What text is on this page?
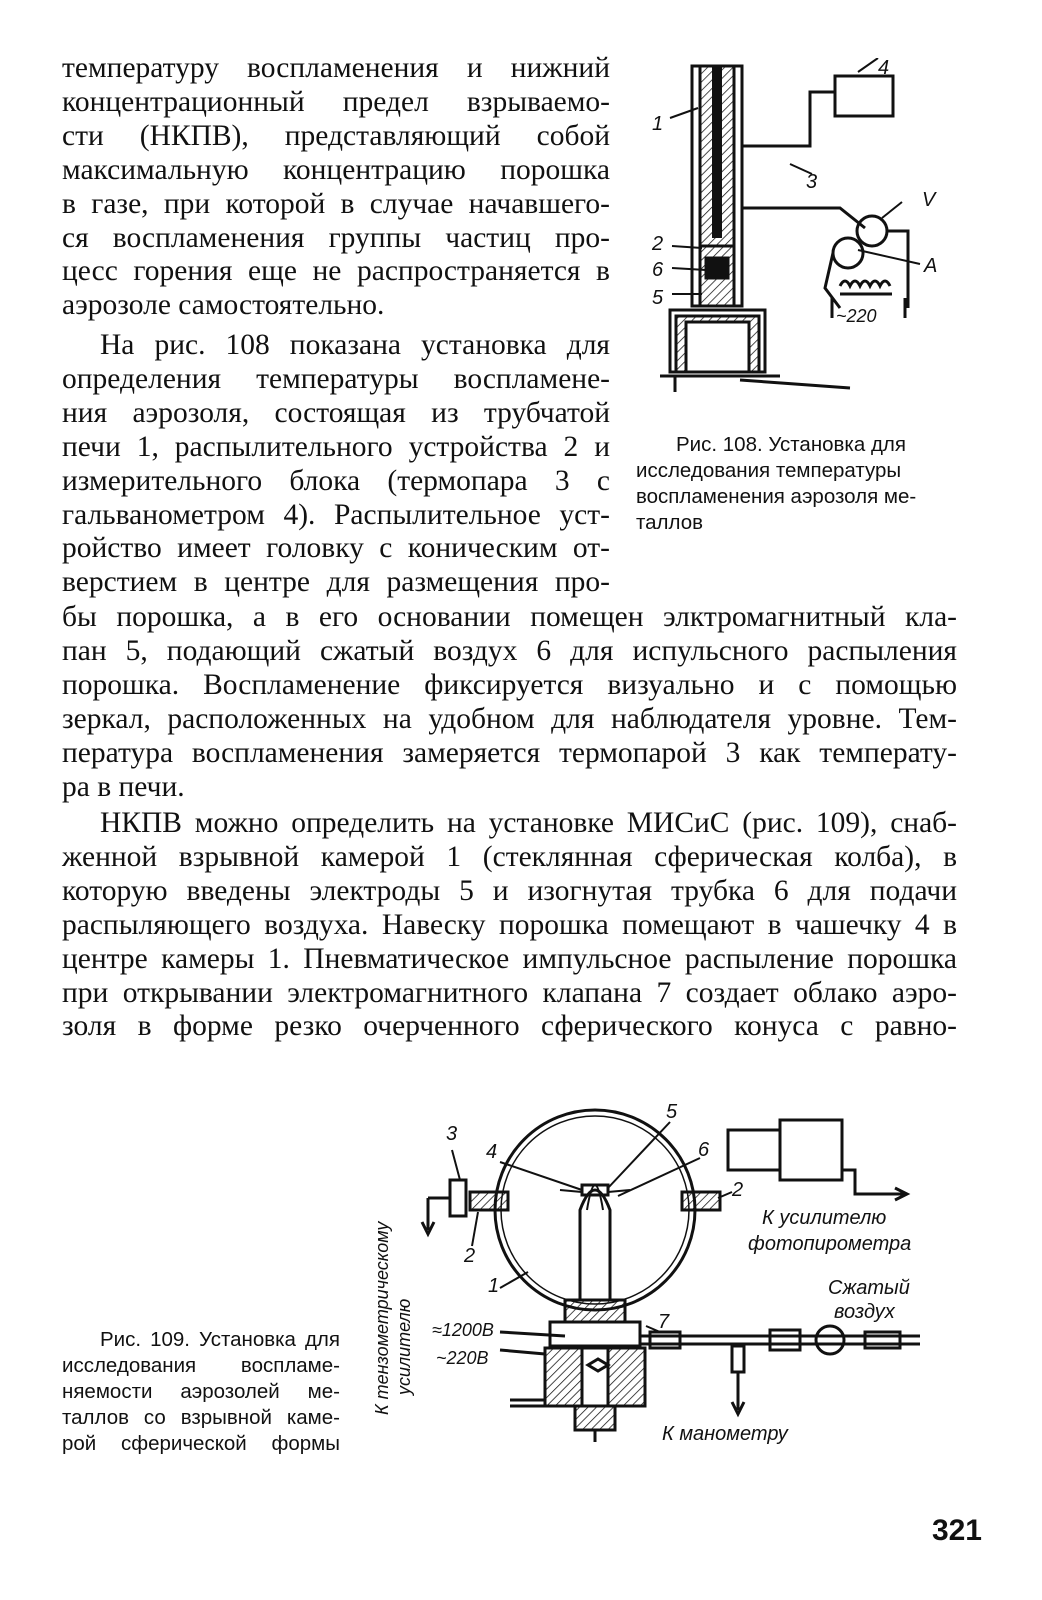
температуру воспламенения и нижний
концентрационный предел взрываемо-
сти (НКПВ), представляющий собой
максимальную концентрацию порошка
в газе, при которой в случае начавшего-
ся воспламенения группы частиц про-
цесс горения еще не распространяется в
аэрозоле самостоятельно.
На рис. 108 показана установка для
определения температуры воспламене-
ния аэрозоля, состоящая из трубчатой
печи 1, распылительного устройства 2 и
измерительного блока (термопара 3 с
гальванометром 4). Распылительное уст-
ройство имеет головку с коническим от-
верстием в центре для размещения про-
бы порошка, а в его основании помещен элктромагнитный кла-
пан 5, подающий сжатый воздух 6 для испульсного распыления
порошка. Воспламенение фиксируется визуально и с помощью
зеркал, расположенных на удобном для наблюдателя уровне. Тем-
пература воспламенения замеряется термопарой 3 как температу-
ра в печи.
НКПВ можно определить на установке МИСиС (рис. 109), снаб-
женной взрывной камерой 1 (стеклянная сферическая колба), в
которую введены электроды 5 и изогнутая трубка 6 для подачи
распыляющего воздуха. Навеску порошка помещают в чашечку 4 в
центре камеры 1. Пневматическое импульсное распыление порошка
при открывании электромагнитного клапана 7 создает облако аэро-
золя в форме резко очерченного сферического конуса с равно-
1
4
3
V
A
2
6
5
~220
Рис. 108. Установка для
исследования температуры
воспламенения аэрозоля ме-
таллов
Рис. 109. Установка для
исследования воспламе-
няемости аэрозолей ме-
таллов со взрывной каме-
рой сферической формы
К тензометрическому усилителю
3
4
5
6
2
2
1
7
≈1200В
~220В
К усилителю
фотопирометра
Сжатый
воздух
К манометру
321
